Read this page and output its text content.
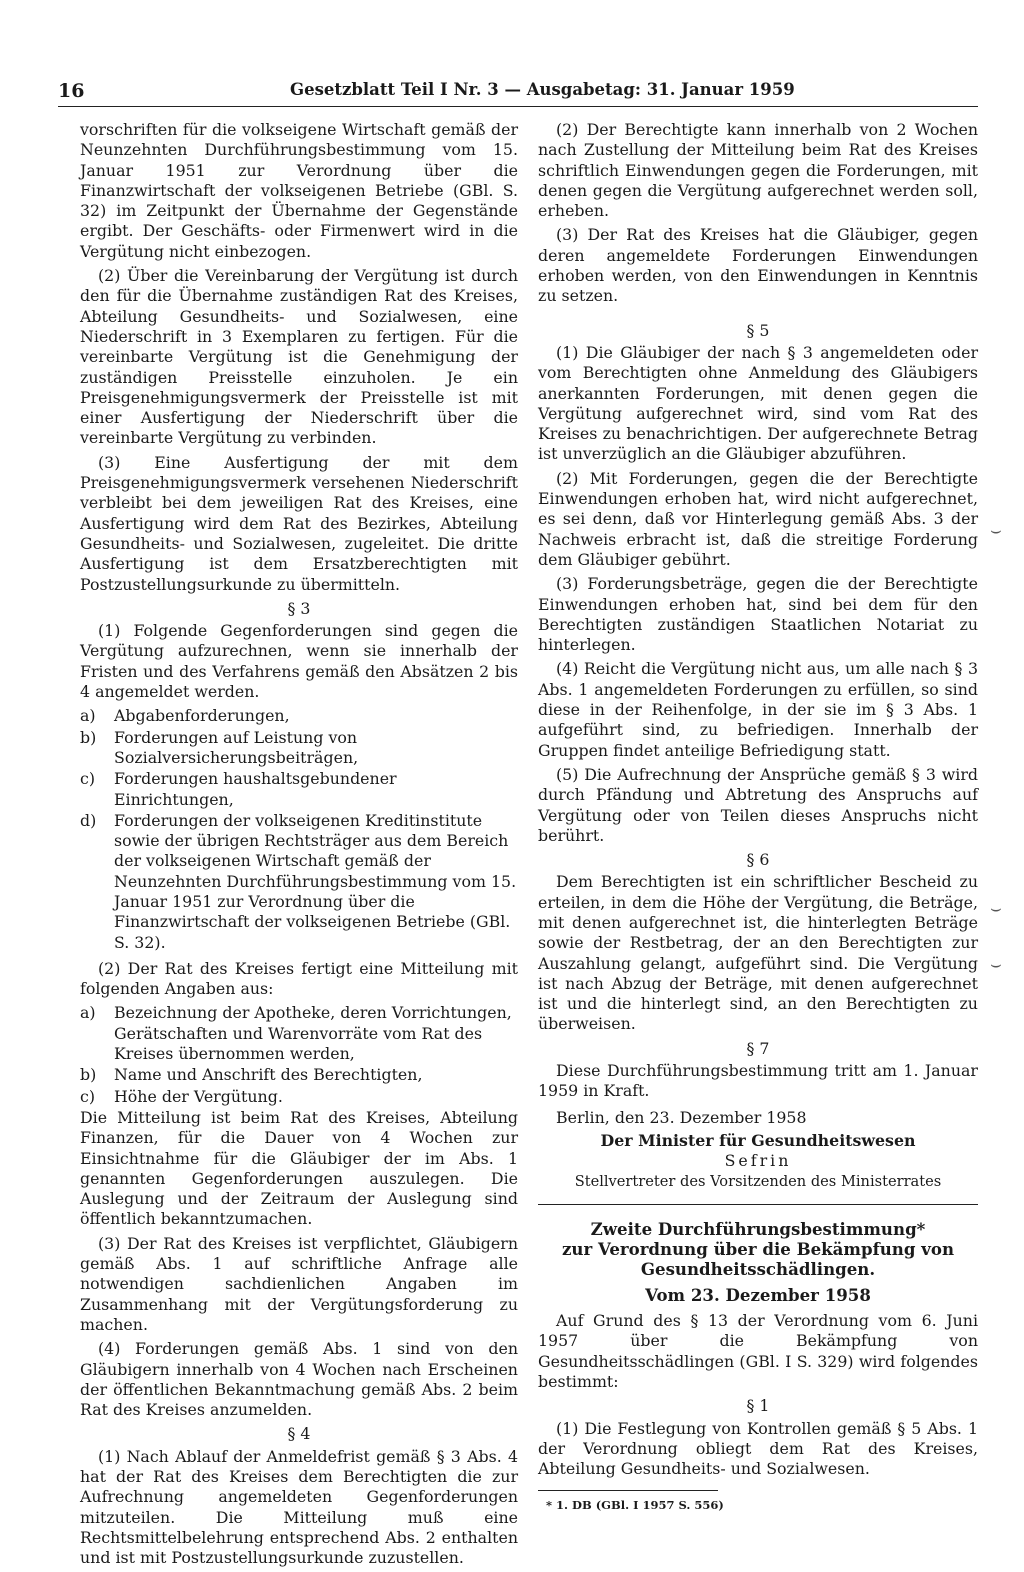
16	Gesetzblatt Teil I Nr. 3 — Ausgabetag: 31. Januar 1959

vorschriften für die volkseigene Wirtschaft gemäß der Neunzehnten Durchführungsbestimmung vom 15. Januar 1951 zur Verordnung über die Finanzwirtschaft der volkseigenen Betriebe (GBl. S. 32) im Zeitpunkt der Übernahme der Gegenstände ergibt. Der Geschäfts- oder Firmenwert wird in die Vergütung nicht einbezogen.

(2) Über die Vereinbarung der Vergütung ist durch den für die Übernahme zuständigen Rat des Kreises, Abteilung Gesundheits- und Sozialwesen, eine Niederschrift in 3 Exemplaren zu fertigen. Für die vereinbarte Vergütung ist die Genehmigung der zuständigen Preisstelle einzuholen. Je ein Preisgenehmigungsvermerk der Preisstelle ist mit einer Ausfertigung der Niederschrift über die vereinbarte Vergütung zu verbinden.

(3) Eine Ausfertigung der mit dem Preisgenehmigungsvermerk versehenen Niederschrift verbleibt bei dem jeweiligen Rat des Kreises, eine Ausfertigung wird dem Rat des Bezirkes, Abteilung Gesundheits- und Sozialwesen, zugeleitet. Die dritte Ausfertigung ist dem Ersatzberechtigten mit Postzustellungsurkunde zu übermitteln.

§ 3

(1) Folgende Gegenforderungen sind gegen die Vergütung aufzurechnen, wenn sie innerhalb der Fristen und des Verfahrens gemäß den Absätzen 2 bis 4 angemeldet werden.

a)	Abgabenforderungen,
b)	Forderungen auf Leistung von Sozialversicherungsbeiträgen,
c)	Forderungen haushaltsgebundener Einrichtungen,
d)	Forderungen der volkseigenen Kreditinstitute sowie der übrigen Rechtsträger aus dem Bereich der volkseigenen Wirtschaft gemäß der Neunzehnten Durchführungsbestimmung vom 15. Januar 1951 zur Verordnung über die Finanzwirtschaft der volkseigenen Betriebe (GBl. S. 32).

(2) Der Rat des Kreises fertigt eine Mitteilung mit folgenden Angaben aus:

a)	Bezeichnung der Apotheke, deren Vorrichtungen, Gerätschaften und Warenvorräte vom Rat des Kreises übernommen werden,
b)	Name und Anschrift des Berechtigten,
c)	Höhe der Vergütung.

Die Mitteilung ist beim Rat des Kreises, Abteilung Finanzen, für die Dauer von 4 Wochen zur Einsichtnahme für die Gläubiger der im Abs. 1 genannten Gegenforderungen auszulegen. Die Auslegung und der Zeitraum der Auslegung sind öffentlich bekanntzumachen.

(3) Der Rat des Kreises ist verpflichtet, Gläubigern gemäß Abs. 1 auf schriftliche Anfrage alle notwendigen sachdienlichen Angaben im Zusammenhang mit der Vergütungsforderung zu machen.

(4) Forderungen gemäß Abs. 1 sind von den Gläubigern innerhalb von 4 Wochen nach Erscheinen der öffentlichen Bekanntmachung gemäß Abs. 2 beim Rat des Kreises anzumelden.

§ 4

(1) Nach Ablauf der Anmeldefrist gemäß § 3 Abs. 4 hat der Rat des Kreises dem Berechtigten die zur Aufrechnung angemeldeten Gegenforderungen mitzuteilen. Die Mitteilung muß eine Rechtsmittelbelehrung entsprechend Abs. 2 enthalten und ist mit Postzustellungsurkunde zuzustellen.

(2) Der Berechtigte kann innerhalb von 2 Wochen nach Zustellung der Mitteilung beim Rat des Kreises schriftlich Einwendungen gegen die Forderungen, mit denen gegen die Vergütung aufgerechnet werden soll, erheben.

(3) Der Rat des Kreises hat die Gläubiger, gegen deren angemeldete Forderungen Einwendungen erhoben werden, von den Einwendungen in Kenntnis zu setzen.

§ 5

(1) Die Gläubiger der nach § 3 angemeldeten oder vom Berechtigten ohne Anmeldung des Gläubigers anerkannten Forderungen, mit denen gegen die Vergütung aufgerechnet wird, sind vom Rat des Kreises zu benachrichtigen. Der aufgerechnete Betrag ist unverzüglich an die Gläubiger abzuführen.

(2) Mit Forderungen, gegen die der Berechtigte Einwendungen erhoben hat, wird nicht aufgerechnet, es sei denn, daß vor Hinterlegung gemäß Abs. 3 der Nachweis erbracht ist, daß die streitige Forderung dem Gläubiger gebührt.

(3) Forderungsbeträge, gegen die der Berechtigte Einwendungen erhoben hat, sind bei dem für den Berechtigten zuständigen Staatlichen Notariat zu hinterlegen.

(4) Reicht die Vergütung nicht aus, um alle nach § 3 Abs. 1 angemeldeten Forderungen zu erfüllen, so sind diese in der Reihenfolge, in der sie im § 3 Abs. 1 aufgeführt sind, zu befriedigen. Innerhalb der Gruppen findet anteilige Befriedigung statt.

(5) Die Aufrechnung der Ansprüche gemäß § 3 wird durch Pfändung und Abtretung des Anspruchs auf Vergütung oder von Teilen dieses Anspruchs nicht berührt.

§ 6

Dem Berechtigten ist ein schriftlicher Bescheid zu erteilen, in dem die Höhe der Vergütung, die Beträge, mit denen aufgerechnet ist, die hinterlegten Beträge sowie der Restbetrag, der an den Berechtigten zur Auszahlung gelangt, aufgeführt sind. Die Vergütung ist nach Abzug der Beträge, mit denen aufgerechnet ist und die hinterlegt sind, an den Berechtigten zu überweisen.

§ 7

Diese Durchführungsbestimmung tritt am 1. Januar 1959 in Kraft.

Berlin, den 23. Dezember 1958
Der Minister für Gesundheitswesen
Sefrin
Stellvertreter des Vorsitzenden des Ministerrates
Zweite Durchführungsbestimmung*
zur Verordnung über die Bekämpfung von
Gesundheitsschädlingen.
Vom 23. Dezember 1958

Auf Grund des § 13 der Verordnung vom 6. Juni 1957 über die Bekämpfung von Gesundheitsschädlingen (GBl. I S. 329) wird folgendes bestimmt:

§ 1

(1) Die Festlegung von Kontrollen gemäß § 5 Abs. 1 der Verordnung obliegt dem Rat des Kreises, Abteilung Gesundheits- und Sozialwesen.

* 1. DB (GBl. I 1957 S. 556)
⌣
⌣
⌣
